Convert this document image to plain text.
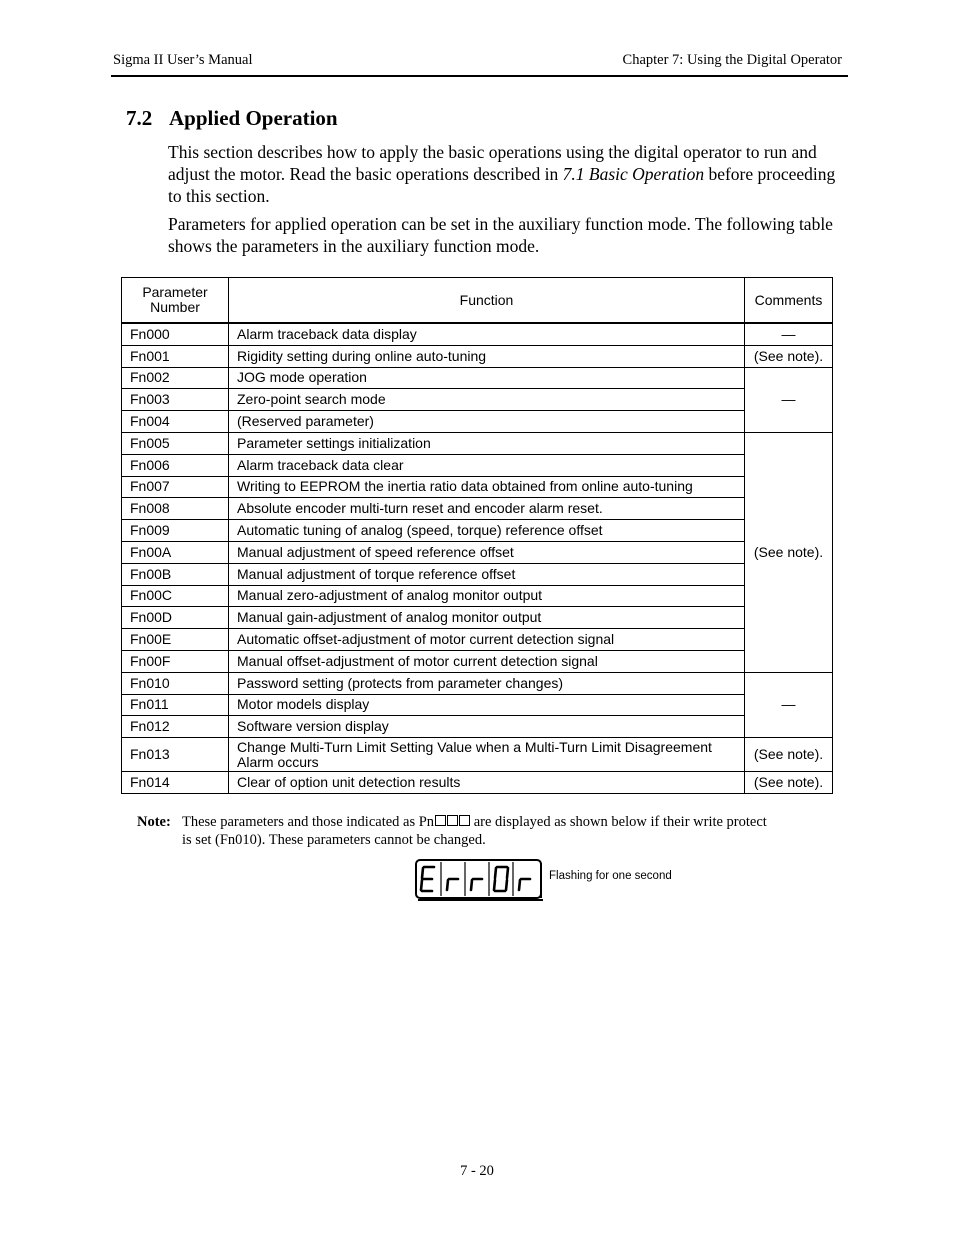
Sigma II User’s Manual	Chapter 7: Using the Digital Operator
7.2 Applied Operation
This section describes how to apply the basic operations using the digital operator to run and adjust the motor. Read the basic operations described in 7.1 Basic Operation before proceeding to this section.
Parameters for applied operation can be set in the auxiliary function mode. The following table shows the parameters in the auxiliary function mode.
Parameter
Number	Function	Comments
Fn000	Alarm traceback data display	—
Fn001	Rigidity setting during online auto-tuning	(See note).
Fn002	JOG mode operation	—
Fn003	Zero-point search mode	
Fn004	(Reserved parameter)	
Fn005	Parameter settings initialization	(See note).
Fn006	Alarm traceback data clear	
Fn007	Writing to EEPROM the inertia ratio data obtained from online auto-tuning	
Fn008	Absolute encoder multi-turn reset and encoder alarm reset.	
Fn009	Automatic tuning of analog (speed, torque) reference offset	
Fn00A	Manual adjustment of speed reference offset	
Fn00B	Manual adjustment of torque reference offset	
Fn00C	Manual zero-adjustment of analog monitor output	
Fn00D	Manual gain-adjustment of analog monitor output	
Fn00E	Automatic offset-adjustment of motor current detection signal	
Fn00F	Manual offset-adjustment of motor current detection signal	
Fn010	Password setting (protects from parameter changes)	—
Fn011	Motor models display	
Fn012	Software version display	
Fn013	Change Multi-Turn Limit Setting Value when a Multi-Turn Limit Disagreement Alarm occurs	(See note).
Fn014	Clear of option unit detection results	(See note).
Note: These parameters and those indicated as Pn are displayed as shown below if their write protect
is set (Fn010). These parameters cannot be changed.
Flashing for one second
7 - 20
